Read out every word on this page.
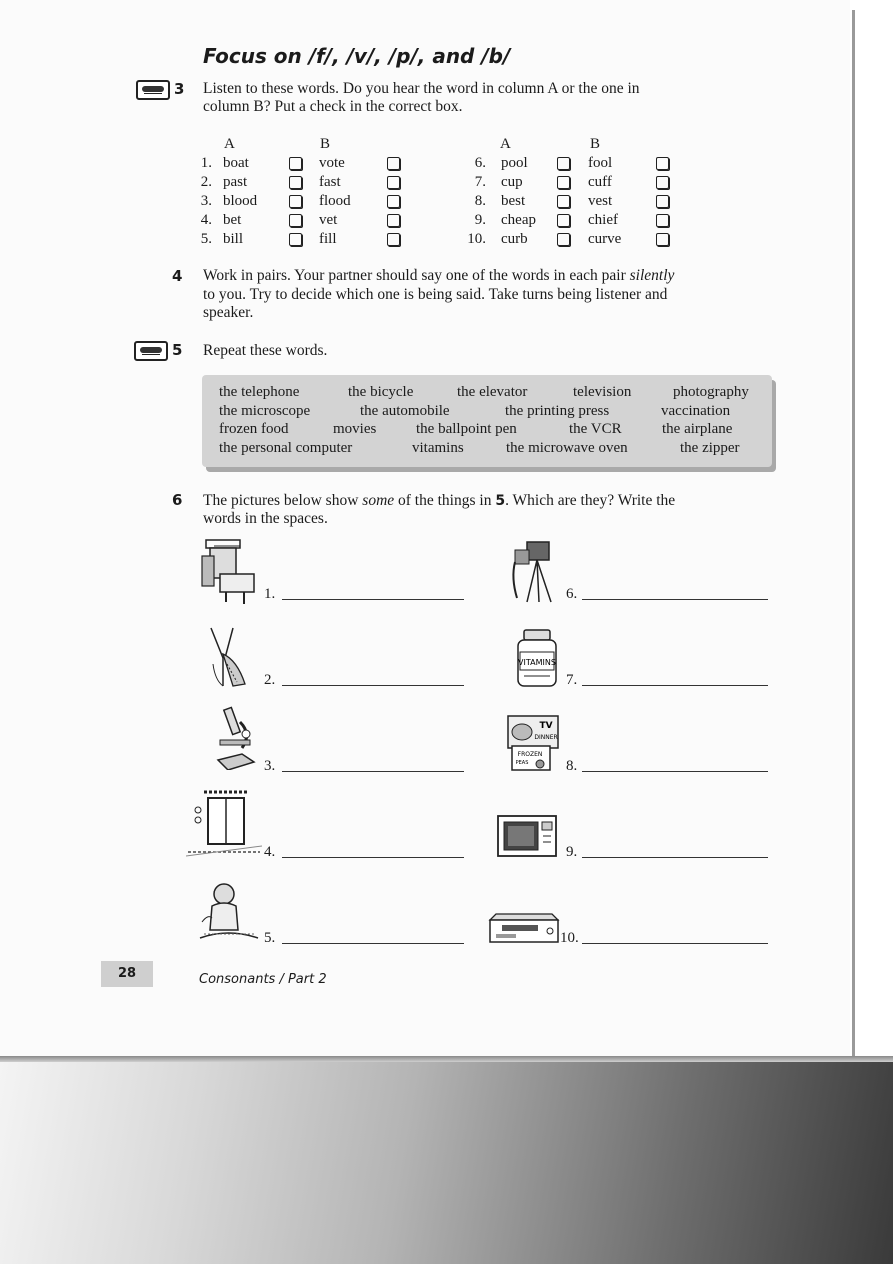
Focus on /f/, /v/, /p/, and /b/
3 Listen to these words. Do you hear the word in column A or the one in
column B? Put a check in the correct box.
A	B	A	B
1. boat	vote
2. past	fast
3. blood	flood
4. bet	vet
5. bill	fill
6. pool	fool
7. cup	cuff
8. best	vest
9. cheap	chief
10. curb	curve
4 Work in pairs. Your partner should say one of the words in each pair silently
to you. Try to decide which one is being said. Take turns being listener and
speaker.
5 Repeat these words.
the telephone	the bicycle	the elevator	television	photography
the microscope	the automobile	the printing press	vaccination
frozen food	movies	the ballpoint pen	the VCR	the airplane
the personal computer	vitamins	the microwave oven	the zipper
6 The pictures below show some of the things in 5. Which are they? Write the
words in the spaces.
VITAMINS
TV
DINNER
FROZEN
PEAS
1.
2.
3.
4.
5.
6.
7.
8.
9.
10.
28	Consonants / Part 2
